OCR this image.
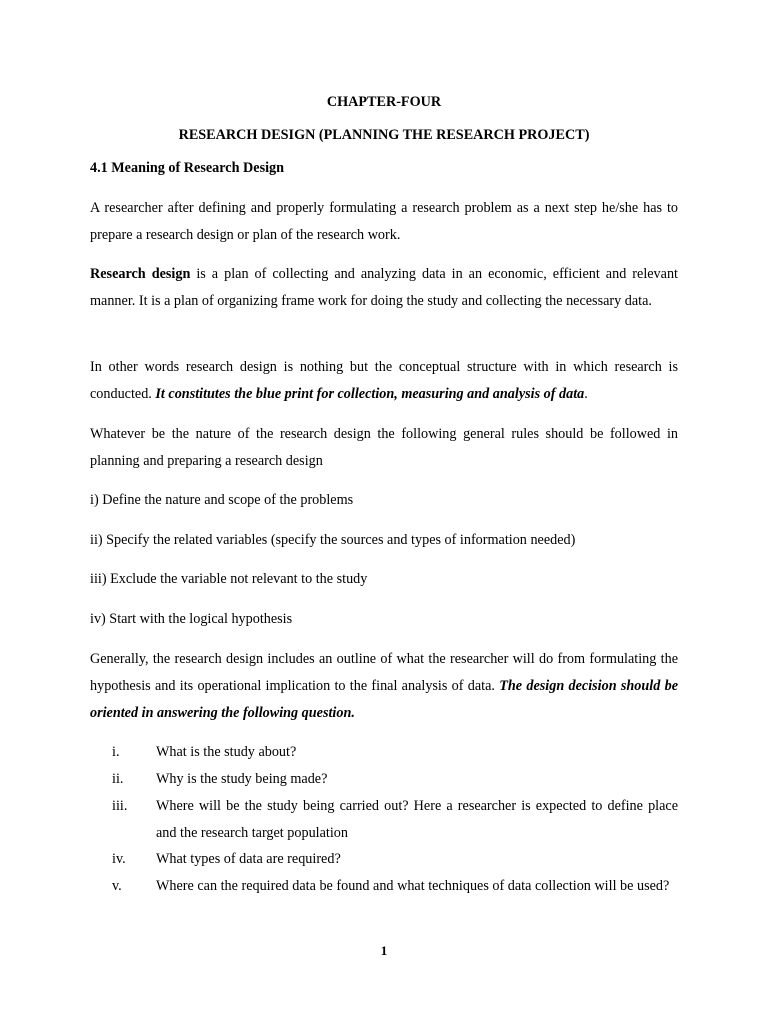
CHAPTER-FOUR

RESEARCH DESIGN (PLANNING THE RESEARCH PROJECT)

4.1 Meaning of Research Design

A researcher after defining and properly formulating a research problem as a next step he/she has to prepare a research design or plan of the research work.

Research design is a plan of collecting and analyzing data in an economic, efficient and relevant manner. It is a plan of organizing frame work for doing the study and collecting the necessary data.

In other words research design is nothing but the conceptual structure with in which research is conducted. It constitutes the blue print for collection, measuring and analysis of data.

Whatever be the nature of the research design the following general rules should be followed in planning and preparing a research design

i) Define the nature and scope of the problems

ii) Specify the related variables (specify the sources and types of information needed)

iii) Exclude the variable not relevant to the study

iv) Start with the logical hypothesis

Generally, the research design includes an outline of what the researcher will do from formulating the hypothesis and its operational implication to the final analysis of data. The design decision should be oriented in answering the following question.

i.	What is the study about?
ii.	Why is the study being made?
iii.	Where will be the study being carried out? Here a researcher is expected to define place and the research target population
iv.	What types of data are required?
v.	Where can the required data be found and what techniques of data collection will be used?
1
